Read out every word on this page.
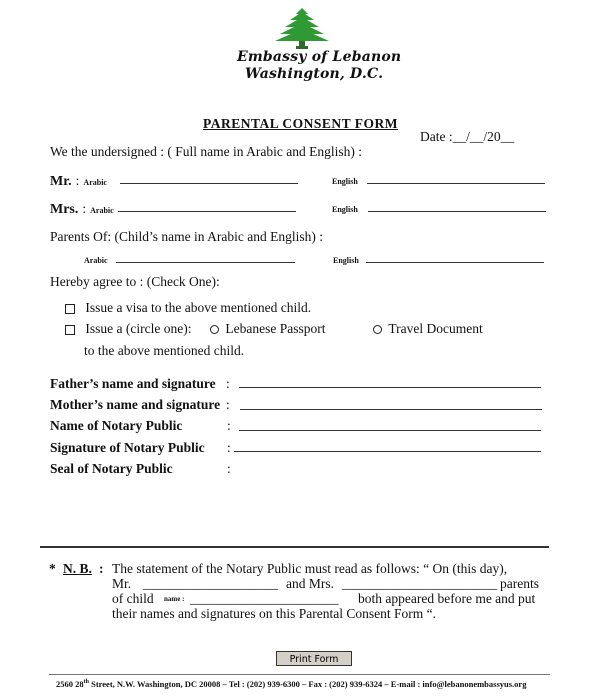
Embassy of Lebanon
Washington, D.C.
PARENTAL CONSENT FORM
Date :__/__/20__
We the undersigned : ( Full name in Arabic and English) :
Mr. : Arabic	English
Mrs. : Arabic	English
Parents Of: (Child’s name in Arabic and English) :
Arabic	English
Hereby agree to : (Check One):
Issue a visa to the above mentioned child.
Issue a (circle one):	Lebanese Passport	Travel Document
to the above mentioned child.
Father’s name and signature :
Mother’s name and signature :
Name of Notary Public	:
Signature of Notary Public :
Seal of Notary Public	:
* N. B. : The statement of the Notary Public must read as follows: “ On (this day),
Mr. ____________________ and Mrs. _______________________ parents
of child name : ______________________ both appeared before me and put
their names and signatures on this Parental Consent Form “.
Print Form
2560 28th Street, N.W. Washington, DC 20008 – Tel : (202) 939-6300 – Fax : (202) 939-6324 – E-mail : info@lebanonembassyus.org
